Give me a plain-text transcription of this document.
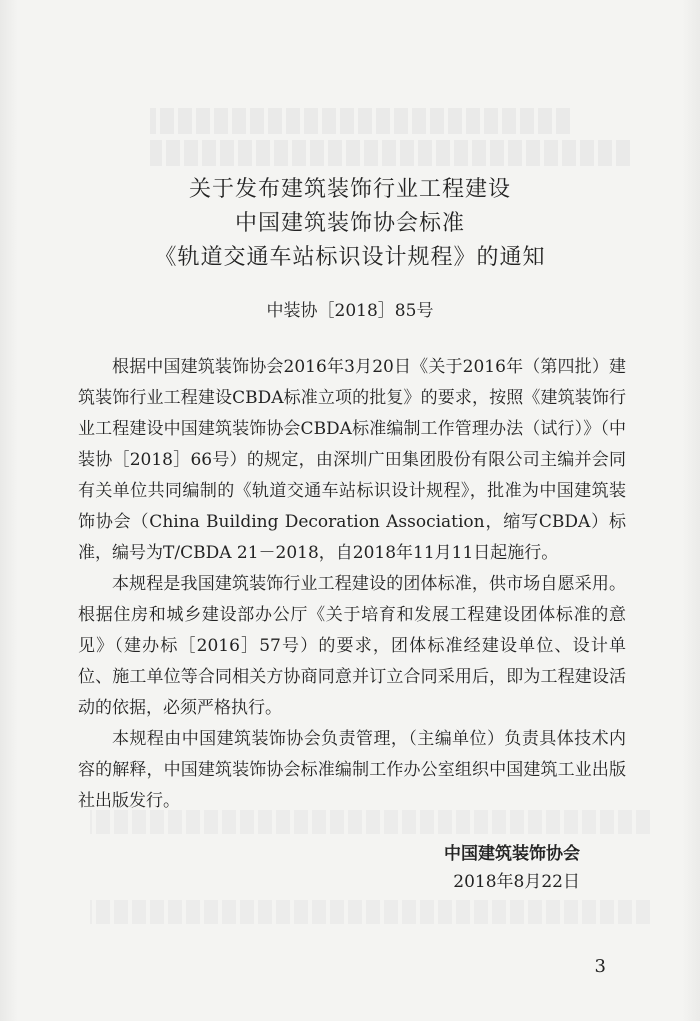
关于发布建筑装饰行业工程建设
中国建筑装饰协会标准
《轨道交通车站标识设计规程》的通知
中装协［2018］85号

根据中国建筑装饰协会2016年3月20日《关于2016年（第四批）建筑装饰行业工程建设CBDA标准立项的批复》的要求，按照《建筑装饰行业工程建设中国建筑装饰协会CBDA标准编制工作管理办法（试行）》（中装协［2018］66号）的规定，由深圳广田集团股份有限公司主编并会同有关单位共同编制的《轨道交通车站标识设计规程》，批准为中国建筑装饰协会（China Building Decoration Association，缩写CBDA）标准，编号为T/CBDA 21－2018，自2018年11月11日起施行。

本规程是我国建筑装饰行业工程建设的团体标准，供市场自愿采用。根据住房和城乡建设部办公厅《关于培育和发展工程建设团体标准的意见》（建办标［2016］57号）的要求，团体标准经建设单位、设计单位、施工单位等合同相关方协商同意并订立合同采用后，即为工程建设活动的依据，必须严格执行。

本规程由中国建筑装饰协会负责管理，（主编单位）负责具体技术内容的解释，中国建筑装饰协会标准编制工作办公室组织中国建筑工业出版社出版发行。

中国建筑装饰协会
2018年8月22日
3
